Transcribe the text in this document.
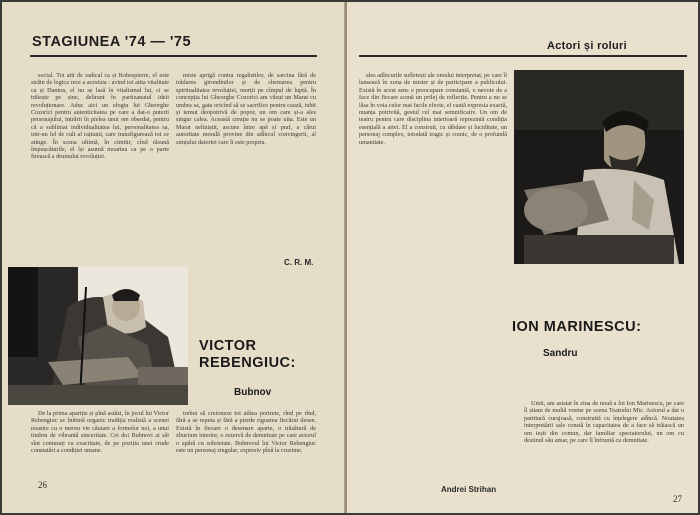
STAGIUNEA '74 — '75

social. Tot atit de radical ca și Robespierre, el este străin de logica rece a acestuia : avind tot atita vitalitate ca și Danton, el nu se lasă în vitalismul lui, ci se trăiește pe sine, delirant în partizanatul ideii revoluționare. Aduc aici un elogiu lui Gheorghe Cozorici pentru autenticitatea pe care a dat-o puterii personajului, intrării în pielea unui om obsedat, pentru că a subliniat individualitatea lui, personalitatea sa, intr-un fel de cult al rațiunii, care transfigurează tot ce atinge. În scena ultimă, în cimitir, cînd răsună împușcăturile, el își asumă moartea ca pe o parte firească a drumului revoluției.

misie aprigă contra regalistilor, de sarcina fără de trădarea girondinilor și de chemarea pentru spiritualitatea revoluției, morții pe cîmpul de luptă. În concepția lui Gheorghe Cozorici am văzut un Marat cu umbra sa, gata oricînd să se sacrifice pentru cauză, iubit și temut deopotrivă de popor, un om care și-a ales singur calea. Această creație nu se poate uita. Este un Marat neliniștit, ascuns între apă și praf, a cărui autoritate morală provine din adîncul convingerii, al simțului datoriei care îi este propriu.

C. R. M.
VICTOR
REBENGIUC:
Bubnov

De la prima apariție și pînă astăzi, în jocul lui Victor Rebengiuc se îmbină organic tradiția realistă a scenei noastre cu o mereu vie căutare a formelor noi, a unui timbru de vibrantă sinceritate. Cei doi Bubnovi ai săi sînt conturați cu exactitate, de pe poziția unei crude constatări a condiției umane.

trebui să creioneze tot atîtea portrete, rînd pe rînd, fără a se repeta și fără a pierde rigoarea fiecărui desen. Există în fiecare o desenare aparte, o trăsătură de zbucium interior, o rezervă de demnitate pe care actorul o apără cu sobrietate. Bubnovul lui Victor Rebengiuc este un personaj singular, expresiv pînă la cruzime.

26
Actori și roluri

ales adîncurile sufletești ale omului interpretat, pe care îl lansează în zona de mister și de participare a publicului. Există în acest sens o preocupare constantă, o nevoie de a face din fiecare scenă un prilej de reflecție. Pentru a nu se lăsa în voia celor mai facile efecte, el caută expresia exactă, nuanța potrivită, gestul cel mai semnificativ. Un om de teatru pentru care disciplina interioară reprezintă condiția esențială a artei. El a construit, cu răbdare și luciditate, un personaj complex, totodată tragic și comic, de o profundă umanitate.

Andrei Strihan
ION MARINESCU:
Sandru

Umit, am asistat în ziua de nouă a lui Ion Marinescu, pe care îl știam de multă vreme pe scena Teatrului Mic. Actorul a dat o partitură curajoasă, construită cu înțelegere adîncă. Noutatea interpretării sale constă în capacitatea de a face să trăiască un om ieșit din comun, dar familiar spectatorului, un om cu destinul său amar, pe care îl înfruntă cu demnitate.

27
